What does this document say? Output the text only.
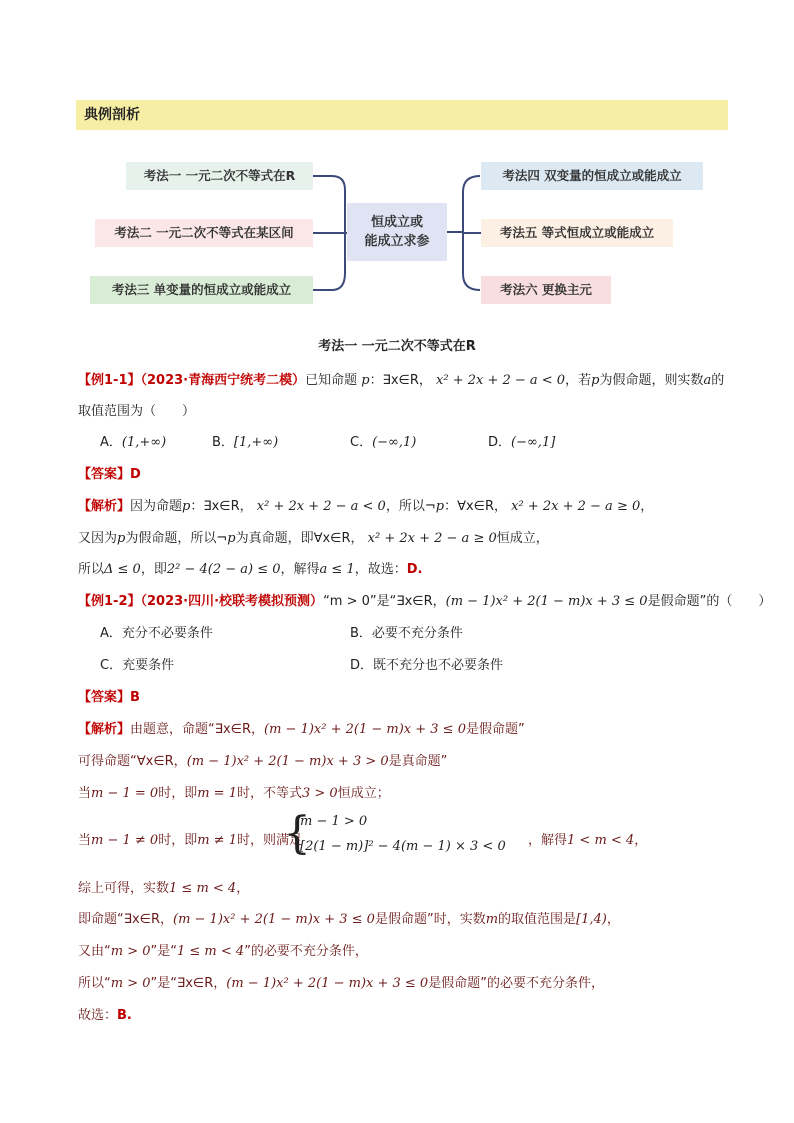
典例剖析
考法一 一元二次不等式在R
考法二 一元二次不等式在某区间
考法三 单变量的恒成立或能成立
恒成立或
能成立求参
考法四 双变量的恒成立或能成立
考法五 等式恒成立或能成立
考法六 更换主元
考法一 一元二次不等式在R
【例1-1】（2023·青海西宁统考二模）已知命题 p：∃x∈R， x² + 2x + 2 − a < 0，若p为假命题，则实数a的
取值范围为（　　）
A．(1,+∞)	B．[1,+∞)	C．(−∞,1)	D．(−∞,1]
【答案】D
【解析】因为命题p：∃x∈R， x² + 2x + 2 − a < 0，所以¬p：∀x∈R， x² + 2x + 2 − a ≥ 0，
又因为p为假命题，所以¬p为真命题，即∀x∈R， x² + 2x + 2 − a ≥ 0恒成立，
所以Δ ≤ 0，即2² − 4(2 − a) ≤ 0，解得a ≤ 1，故选：D.
【例1-2】（2023·四川·校联考模拟预测）“m > 0”是“∃x∈R，(m − 1)x² + 2(1 − m)x + 3 ≤ 0是假命题”的（　　）
A．充分不必要条件	B．必要不充分条件
C．充要条件	D．既不充分也不必要条件
【答案】B
【解析】由题意，命题“∃x∈R，(m − 1)x² + 2(1 − m)x + 3 ≤ 0是假命题”
可得命题“∀x∈R，(m − 1)x² + 2(1 − m)x + 3 > 0是真命题”
当m − 1 = 0时，即m = 1时，不等式3 > 0恒成立；
当m − 1 ≠ 0时，即m ≠ 1时，则满足
{
m − 1 > 0
[2(1 − m)]² − 4(m − 1) × 3 < 0 ，解得1 < m < 4，
综上可得，实数1 ≤ m < 4，
即命题“∃x∈R，(m − 1)x² + 2(1 − m)x + 3 ≤ 0是假命题”时，实数m的取值范围是[1,4)，
又由“m > 0”是“1 ≤ m < 4”的必要不充分条件，
所以“m > 0”是“∃x∈R，(m − 1)x² + 2(1 − m)x + 3 ≤ 0是假命题”的必要不充分条件，
故选：B.
